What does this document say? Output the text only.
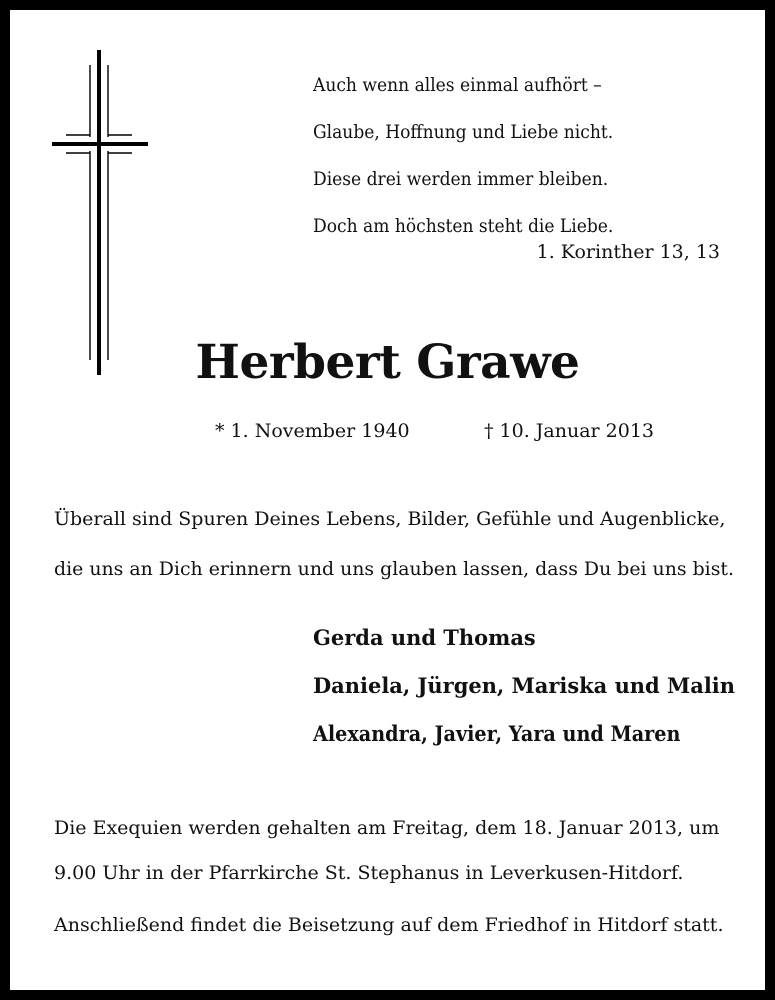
Auch wenn alles einmal aufhört –
Glaube, Hoffnung und Liebe nicht.
Diese drei werden immer bleiben.
Doch am höchsten steht die Liebe.
1. Korinther 13, 13
Herbert Grawe
* 1. November 1940	† 10. Januar 2013
Überall sind Spuren Deines Lebens, Bilder, Gefühle und Augenblicke,
die uns an Dich erinnern und uns glauben lassen, dass Du bei uns bist.
Gerda und Thomas Daniela, Jürgen, Mariska und Malin Alexandra, Javier, Yara und Maren
Die Exequien werden gehalten am Freitag, dem 18. Januar 2013, um
9.00 Uhr in der Pfarrkirche St. Stephanus in Leverkusen-Hitdorf.
Anschließend findet die Beisetzung auf dem Friedhof in Hitdorf statt.
